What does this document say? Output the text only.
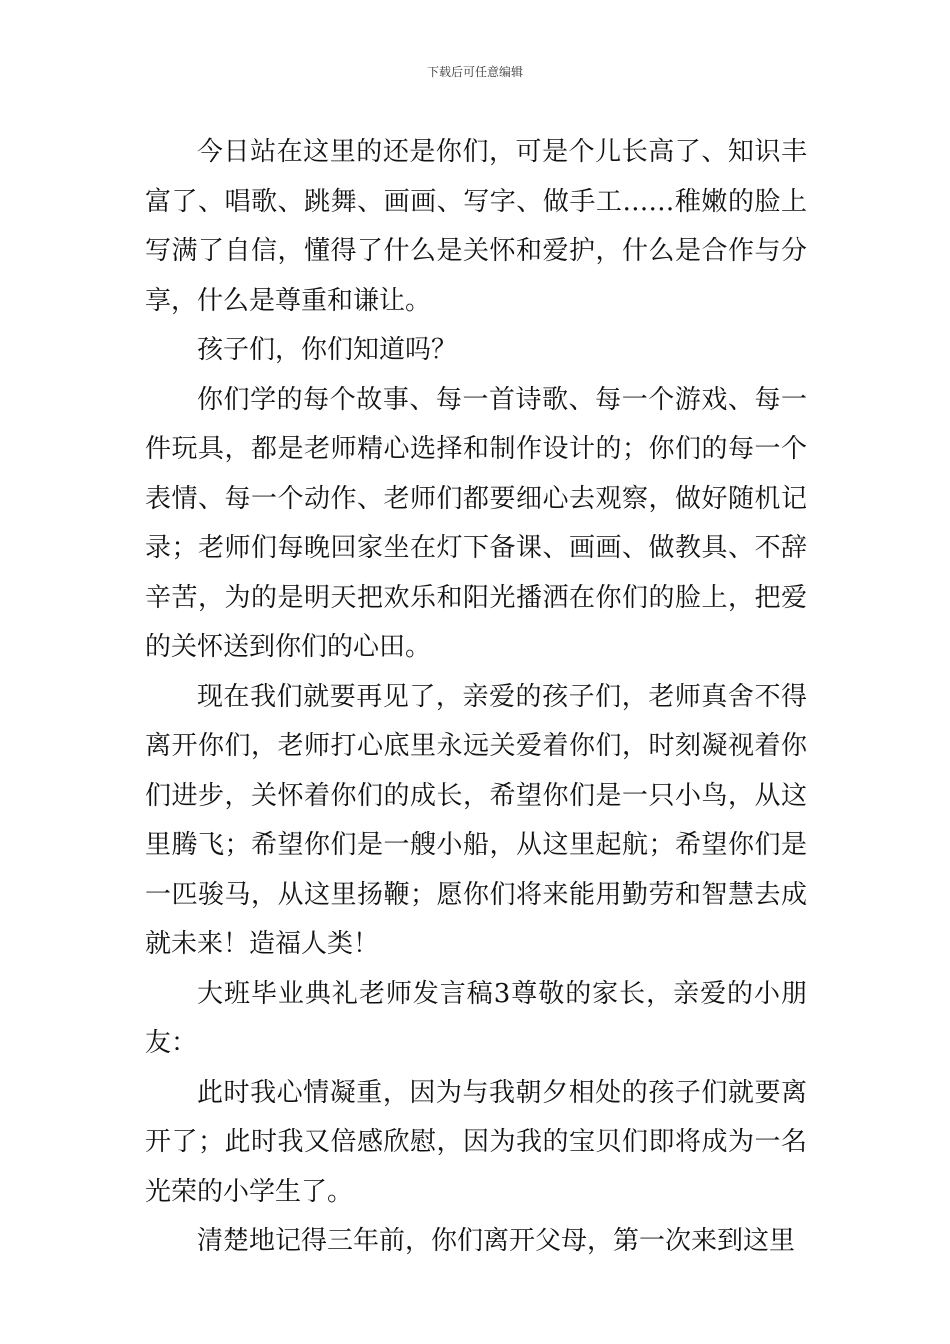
下载后可任意编辑

今日站在这里的还是你们，可是个儿长高了、知识丰富了、唱歌、跳舞、画画、写字、做手工……稚嫩的脸上写满了自信，懂得了什么是关怀和爱护，什么是合作与分享，什么是尊重和谦让。

孩子们，你们知道吗？

你们学的每个故事、每一首诗歌、每一个游戏、每一件玩具，都是老师精心选择和制作设计的；你们的每一个表情、每一个动作、老师们都要细心去观察，做好随机记录；老师们每晚回家坐在灯下备课、画画、做教具、不辞辛苦，为的是明天把欢乐和阳光播洒在你们的脸上，把爱的关怀送到你们的心田。

现在我们就要再见了，亲爱的孩子们，老师真舍不得离开你们，老师打心底里永远关爱着你们，时刻凝视着你们进步，关怀着你们的成长，希望你们是一只小鸟，从这里腾飞；希望你们是一艘小船，从这里起航；希望你们是一匹骏马，从这里扬鞭；愿你们将来能用勤劳和智慧去成就未来！造福人类！

大班毕业典礼老师发言稿3尊敬的家长，亲爱的小朋友：

此时我心情凝重，因为与我朝夕相处的孩子们就要离开了；此时我又倍感欣慰，因为我的宝贝们即将成为一名光荣的小学生了。

清楚地记得三年前，你们离开父母，第一次来到这里
